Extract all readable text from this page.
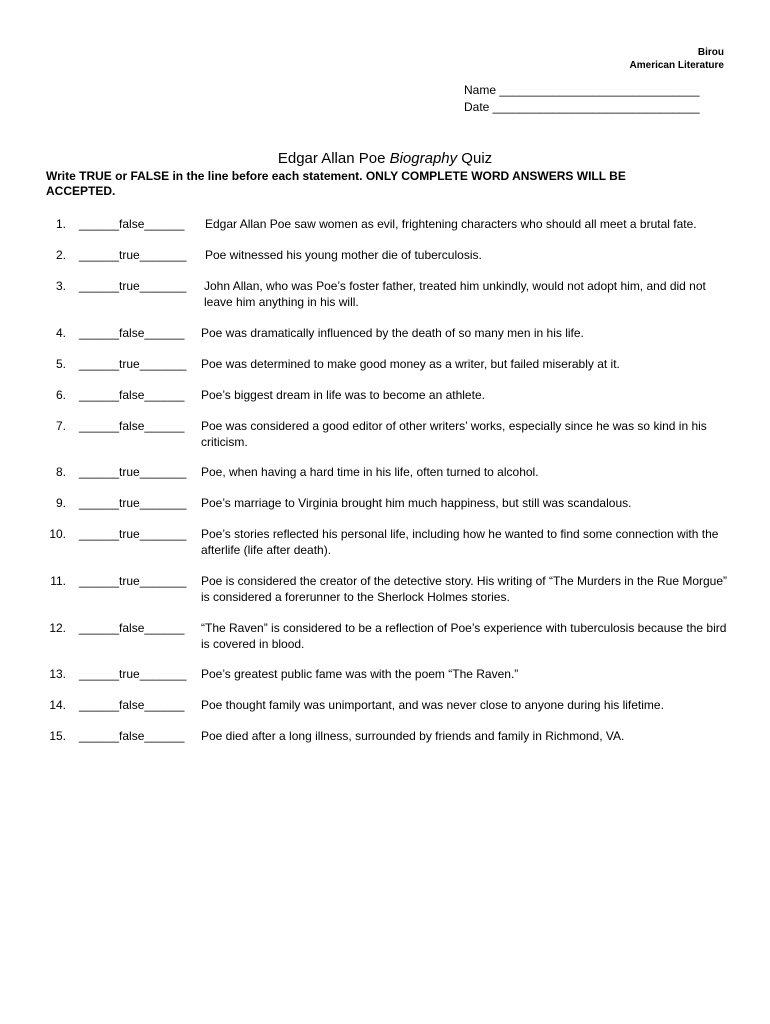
Birou
American Literature
Name ______________________________
Date _______________________________
Edgar Allan Poe Biography Quiz
Write TRUE or FALSE in the line before each statement. ONLY COMPLETE WORD ANSWERS WILL BE ACCEPTED.
1. ______false______ Edgar Allan Poe saw women as evil, frightening characters who should all meet a brutal fate.
2. ______true_______ Poe witnessed his young mother die of tuberculosis.
3. ______true_______ John Allan, who was Poe’s foster father, treated him unkindly, would not adopt him, and did not leave him anything in his will.
4. ______false______ Poe was dramatically influenced by the death of so many men in his life.
5. ______true_______ Poe was determined to make good money as a writer, but failed miserably at it.
6. ______false______ Poe’s biggest dream in life was to become an athlete.
7. ______false______ Poe was considered a good editor of other writers’ works, especially since he was so kind in his criticism.
8. ______true_______ Poe, when having a hard time in his life, often turned to alcohol.
9. ______true_______ Poe’s marriage to Virginia brought him much happiness, but still was scandalous.
10. ______true_______ Poe’s stories reflected his personal life, including how he wanted to find some connection with the afterlife (life after death).
11. ______true_______ Poe is considered the creator of the detective story. His writing of “The Murders in the Rue Morgue” is considered a forerunner to the Sherlock Holmes stories.
12. ______false______ “The Raven” is considered to be a reflection of Poe’s experience with tuberculosis because the bird is covered in blood.
13. ______true_______ Poe’s greatest public fame was with the poem “The Raven.”
14. ______false______ Poe thought family was unimportant, and was never close to anyone during his lifetime.
15. ______false______ Poe died after a long illness, surrounded by friends and family in Richmond, VA.
